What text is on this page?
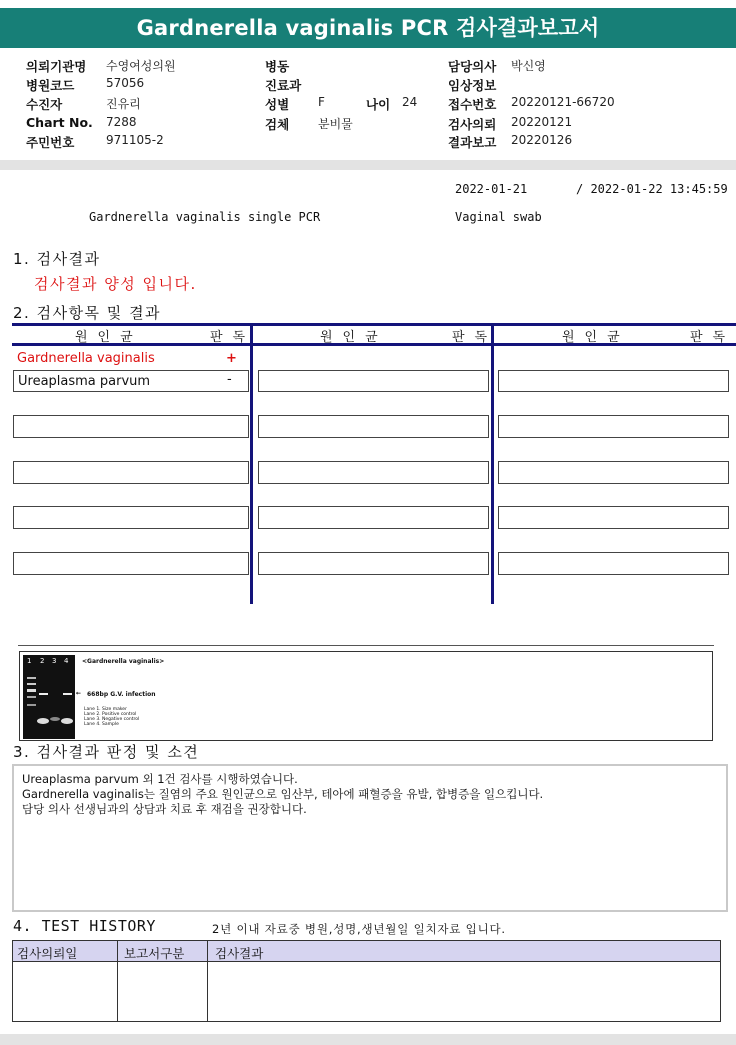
Gardnerella vaginalis PCR 검사결과보고서
의뢰기관명 수영여성의원
병원코드	57056
수진자	진유리
Chart No. 7288
주민번호	971105-2
병동
진료과
성별 F	나이 24
검체 분비물
담당의사 박신영
임상정보
접수번호 20220121-66720
검사의뢰 20220121
결과보고 20220126
2022-01-21	/ 2022-01-22 13:45:59
Gardnerella vaginalis single PCR	Vaginal swab
1. 검사결과
검사결과 양성 입니다.
2. 검사항목 및 결과
원인균	판독	원인균	판독	원인균	판독
Gardnerella vaginalis	+
Ureaplasma parvum	-
1 2 3 4 <Gardnerella vaginalis>
← 668bp G.V. infection
Lane 1. Size maker
Lane 2. Positive control
Lane 3. Negative control
Lane 4. Sample
3. 검사결과 판정 및 소견
Ureaplasma parvum 외 1건 검사를 시행하였습니다.
Gardnerella vaginalis는 질염의 주요 원인균으로 임산부, 테아에 패혈증을 유발, 합병증을 일으킵니다.
담당 의사 선생님과의 상담과 치료 후 재검을 권장합니다.
4. TEST HISTORY	2년 이내 자료중 병원,성명,생년월일 일치자료 입니다.
검사의뢰일	보고서구분 검사결과
